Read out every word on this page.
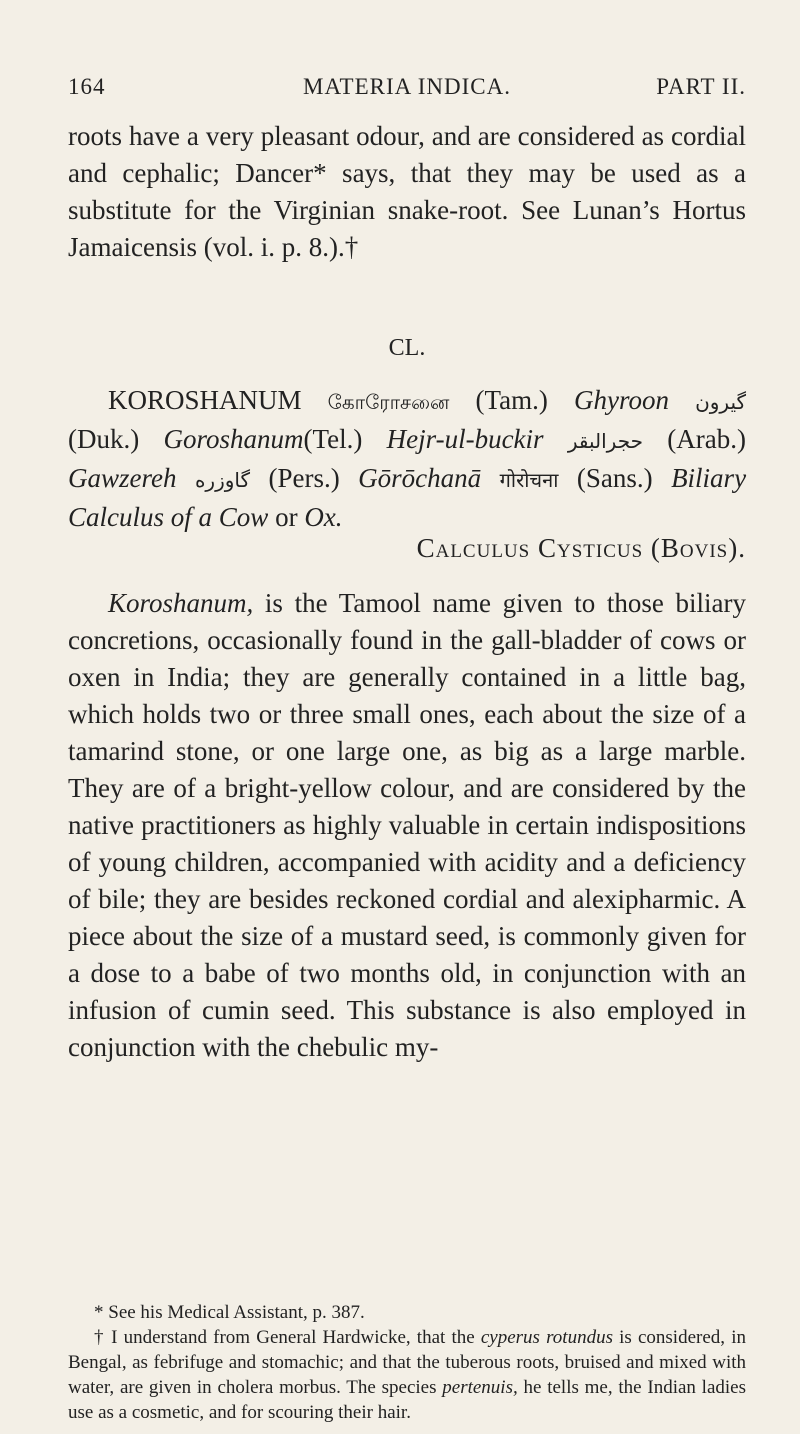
164	MATERIA INDICA.	PART II.

roots have a very pleasant odour, and are considered as cordial and cephalic; Dancer* says, that they may be used as a substitute for the Virginian snake-root. See Lunan’s Hortus Jamaicensis (vol. i. p. 8.).†

CL.

KOROSHANUM கோரோசனை (Tam.) Ghyroon گیرون (Duk.) Goroshanum(Tel.) Hejr-ul-buckir حجرالبقر (Arab.) Gawzereh گاوزره (Pers.) Gōrōchanā गोरोचना (Sans.) Biliary Calculus of a Cow or Ox.

Calculus Cysticus (Bovis).

Koroshanum, is the Tamool name given to those biliary concretions, occasionally found in the gall-bladder of cows or oxen in India; they are generally contained in a little bag, which holds two or three small ones, each about the size of a tamarind stone, or one large one, as big as a large marble. They are of a bright-yellow colour, and are considered by the native practitioners as highly valuable in certain indispositions of young children, accompanied with acidity and a deficiency of bile; they are besides reckoned cordial and alexipharmic. A piece about the size of a mustard seed, is commonly given for a dose to a babe of two months old, in conjunction with an infusion of cumin seed. This substance is also employed in conjunction with the chebulic my-

* See his Medical Assistant, p. 387.

† I understand from General Hardwicke, that the cyperus rotundus is considered, in Bengal, as febrifuge and stomachic; and that the tuberous roots, bruised and mixed with water, are given in cholera morbus. The species pertenuis, he tells me, the Indian ladies use as a cosmetic, and for scouring their hair.
